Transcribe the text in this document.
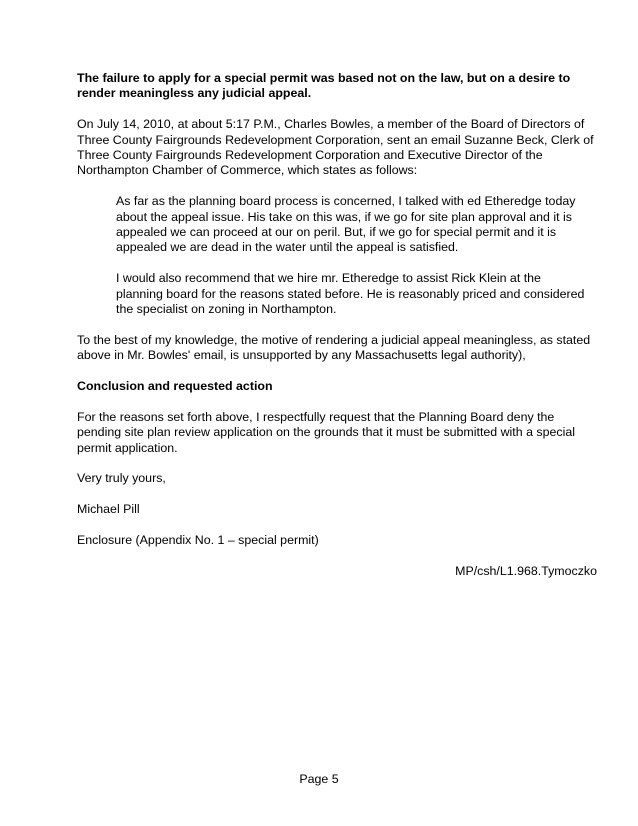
The failure to apply for a special permit was based not on the law, but on a desire to render meaningless any judicial appeal.

On July 14, 2010, at about 5:17 P.M., Charles Bowles, a member of the Board of Directors of Three County Fairgrounds Redevelopment Corporation, sent an email Suzanne Beck, Clerk of Three County Fairgrounds Redevelopment Corporation and Executive Director of the Northampton Chamber of Commerce, which states as follows:

As far as the planning board process is concerned, I talked with ed Etheredge today about the appeal issue. His take on this was, if we go for site plan approval and it is appealed we can proceed at our on peril. But, if we go for special permit and it is appealed we are dead in the water until the appeal is satisfied.

I would also recommend that we hire mr. Etheredge to assist Rick Klein at the planning board for the reasons stated before. He is reasonably priced and considered the specialist on zoning in Northampton.

To the best of my knowledge, the motive of rendering a judicial appeal meaningless, as stated above in Mr. Bowles' email, is unsupported by any Massachusetts legal authority),

Conclusion and requested action

For the reasons set forth above, I respectfully request that the Planning Board deny the pending site plan review application on the grounds that it must be submitted with a special permit application.

Very truly yours,

Michael Pill

Enclosure (Appendix No. 1 – special permit)

MP/csh/L1.968.Tymoczko

Page 5
